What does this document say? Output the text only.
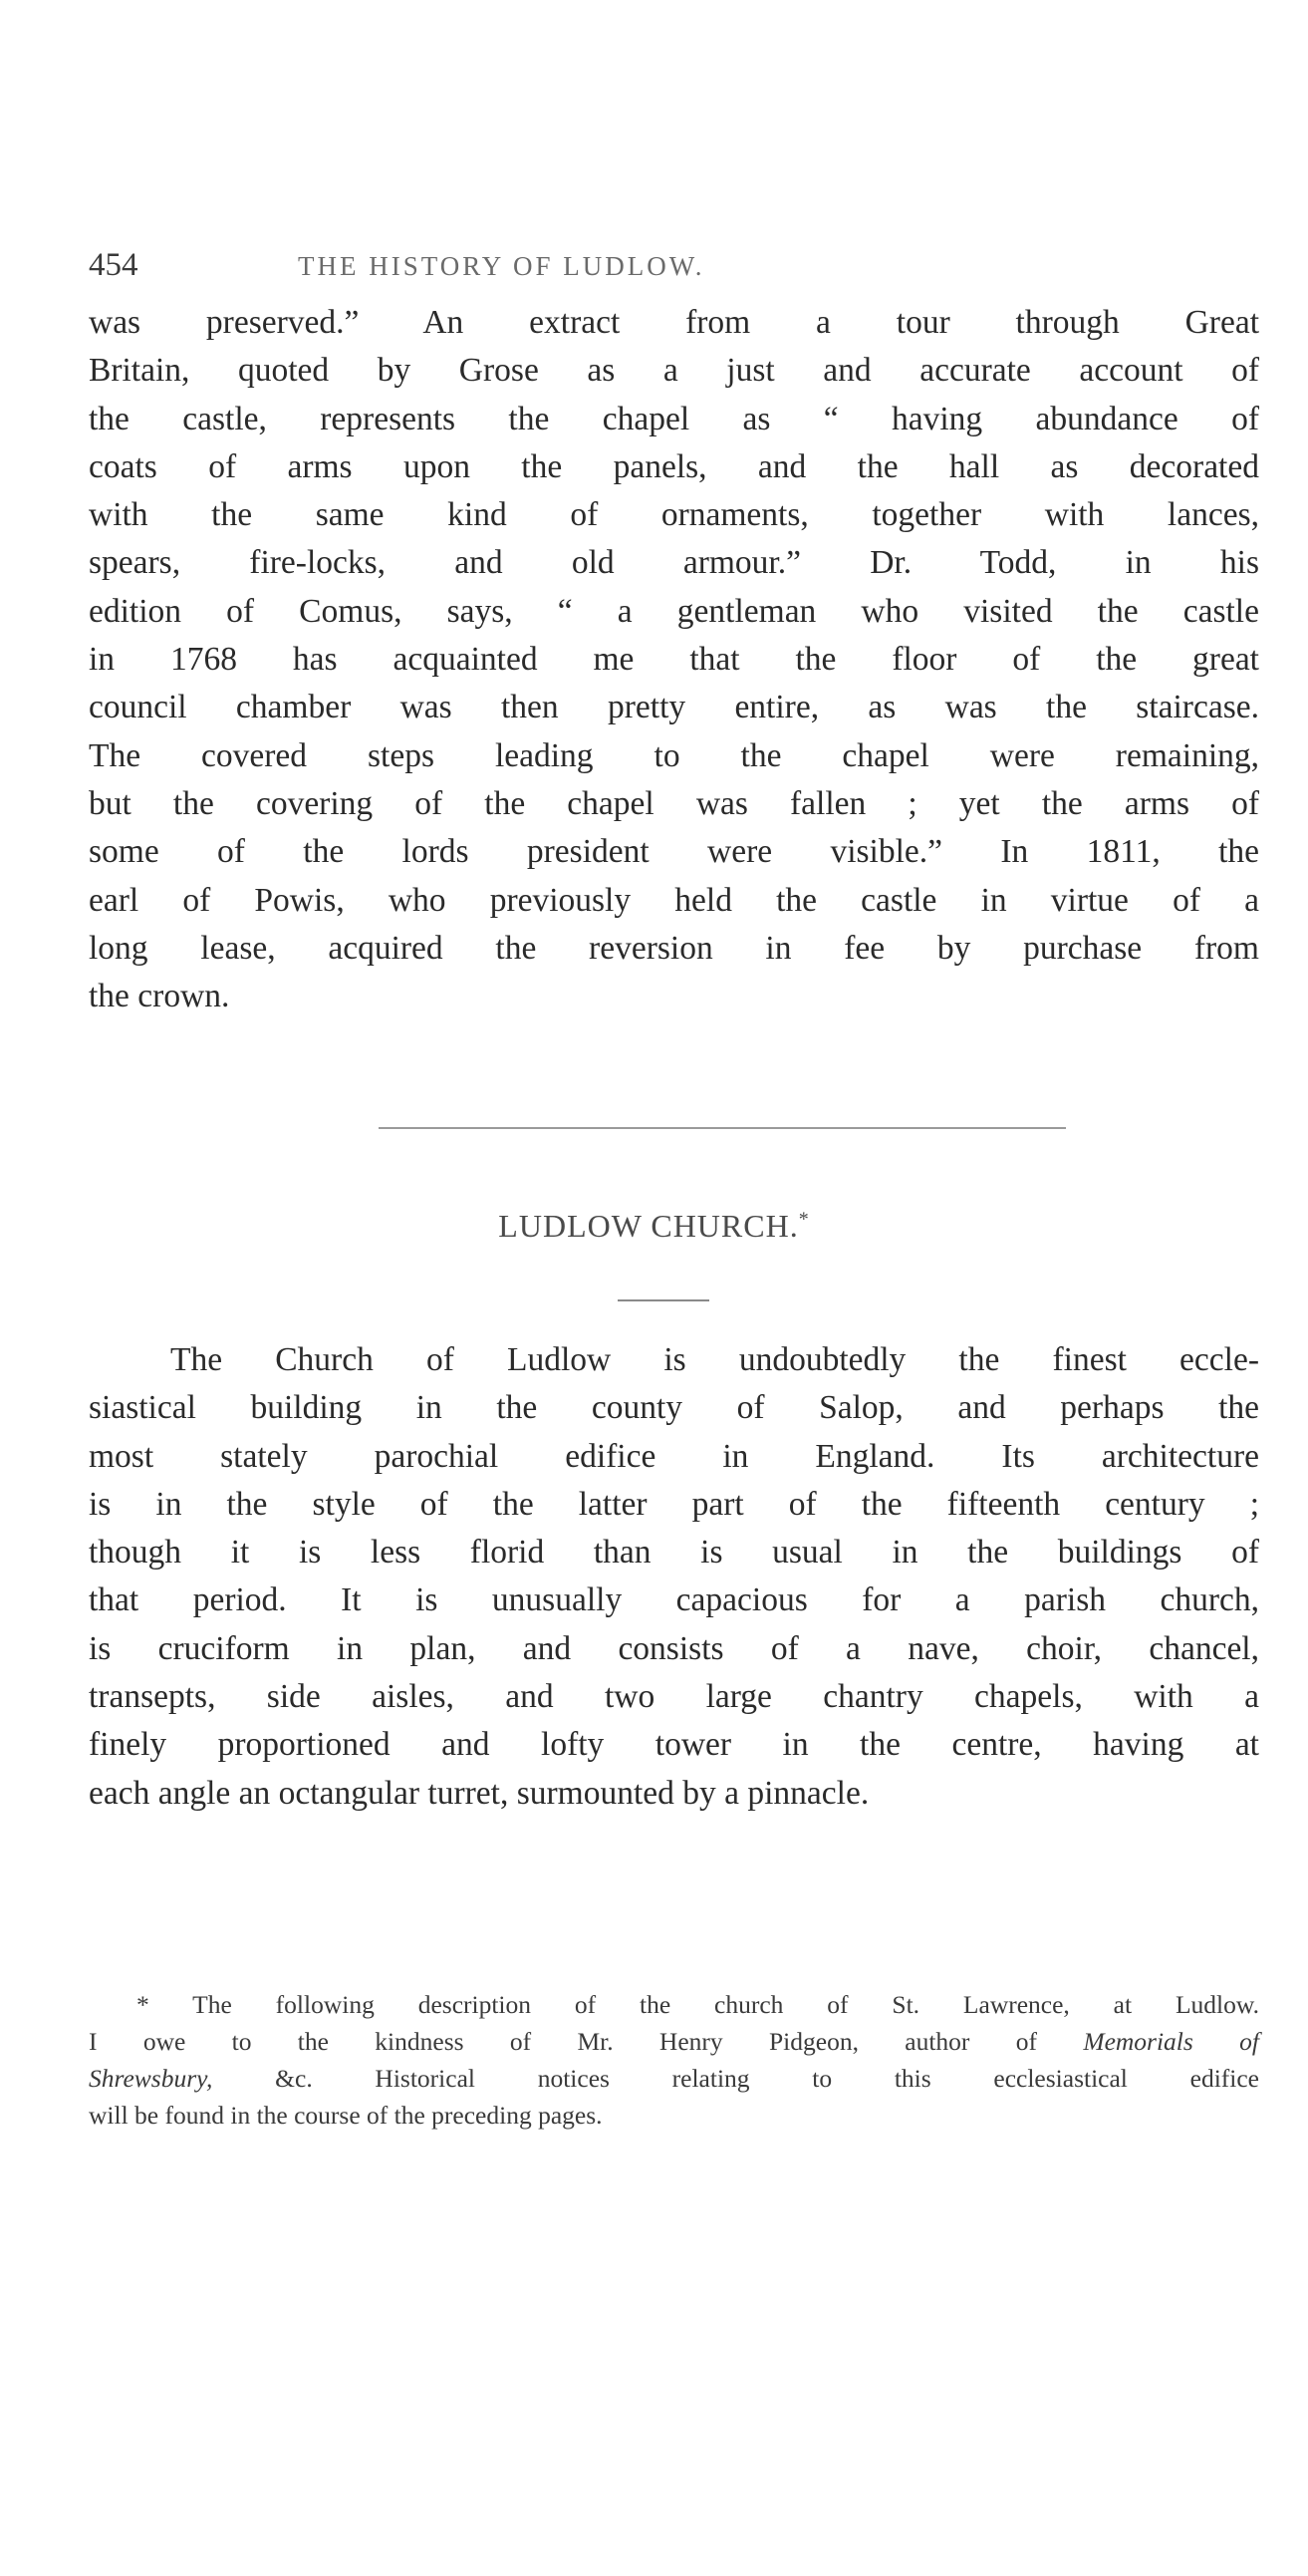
454	THE HISTORY OF LUDLOW.
was preserved.” An extract from a tour through Great
Britain, quoted by Grose as a just and accurate account of
the castle, represents the chapel as “ having abundance of
coats of arms upon the panels, and the hall as decorated
with the same kind of ornaments, together with lances,
spears, fire-locks, and old armour.” Dr. Todd, in his
edition of Comus, says, “ a gentleman who visited the castle
in 1768 has acquainted me that the floor of the great
council chamber was then pretty entire, as was the staircase.
The covered steps leading to the chapel were remaining,
but the covering of the chapel was fallen ; yet the arms of
some of the lords president were visible.” In 1811, the
earl of Powis, who previously held the castle in virtue of a
long lease, acquired the reversion in fee by purchase from
the crown.
LUDLOW CHURCH.*
The Church of Ludlow is undoubtedly the finest eccle-
siastical building in the county of Salop, and perhaps the
most stately parochial edifice in England. Its architecture
is in the style of the latter part of the fifteenth century ;
though it is less florid than is usual in the buildings of
that period. It is unusually capacious for a parish church,
is cruciform in plan, and consists of a nave, choir, chancel,
transepts, side aisles, and two large chantry chapels, with a
finely proportioned and lofty tower in the centre, having at
each angle an octangular turret, surmounted by a pinnacle.
* The following description of the church of St. Lawrence, at Ludlow.
I owe to the kindness of Mr. Henry Pidgeon, author of Memorials of
Shrewsbury, &c. Historical notices relating to this ecclesiastical edifice
will be found in the course of the preceding pages.
